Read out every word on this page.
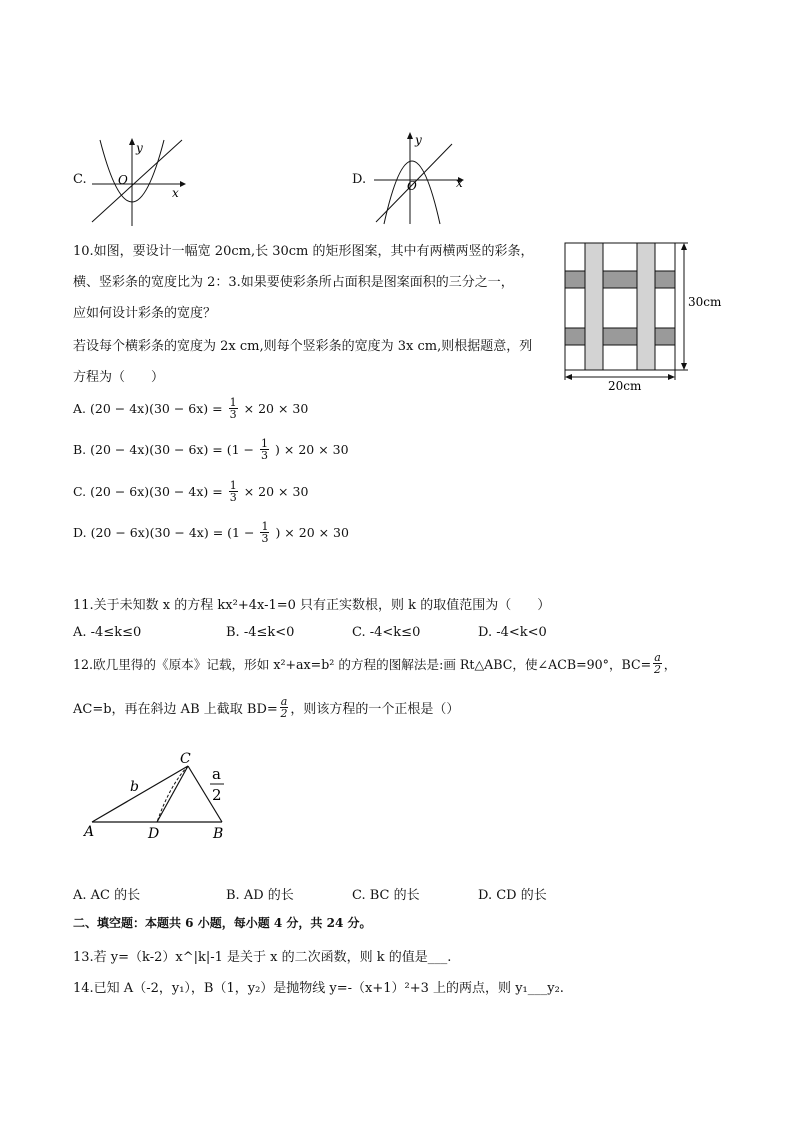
C.
y
x
O	D.
y
x
O
10.如图，要设计一幅宽 20cm,长 30cm 的矩形图案，其中有两横两竖的彩条，
横、竖彩条的宽度比为 2：3.如果要使彩条所占面积是图案面积的三分之一，
应如何设计彩条的宽度？
若设每个横彩条的宽度为 2x cm,则每个竖彩条的宽度为 3x cm,则根据题意，列
方程为（　　）
30cm
20cm
A. $(20 - 4x)(30 - 6x) = \frac{1}{3} \times 20 \times 30$
B. $(20 - 4x)(30 - 6x) = (1 - \frac{1}{3}$ ) × 20 × 30
C. $(20 - 6x)(30 - 4x) = \frac{1}{3} \times 20 \times 30$
D. $(20 - 6x)(30 - 4x) = (1 - \frac{1}{3}$ ) × 20 × 30
11.关于未知数 x 的方程 kx²+4x-1=0 只有正实数根，则 k 的取值范围为（　　）
A. -4≤k≤0	B. -4≤k<0	C. -4<k≤0	D. -4<k<0
12.欧几里得的《原本》记载，形如 x²+ax=b² 的方程的图解法是:画 Rt△ABC，使∠ACB=90°，$BC= \frac{a}{2}$ ，
AC=b，再在斜边 AB 上截取 $BD= \frac{a}{2}$ ，则该方程的一个正根是（）
C
A	D	B
b
a
2
A. AC 的长	B. AD 的长	C. BC 的长	D. CD 的长
二、填空题：本题共 6 小题，每小题 4 分，共 24 分。
13.若 y=（k-2）x^|k|-1 是关于 x 的二次函数，则 k 的值是___.
14.已知 A（-2，y₁），B（1，y₂）是抛物线 y=-（x+1）²+3 上的两点，则 y₁___y₂.
